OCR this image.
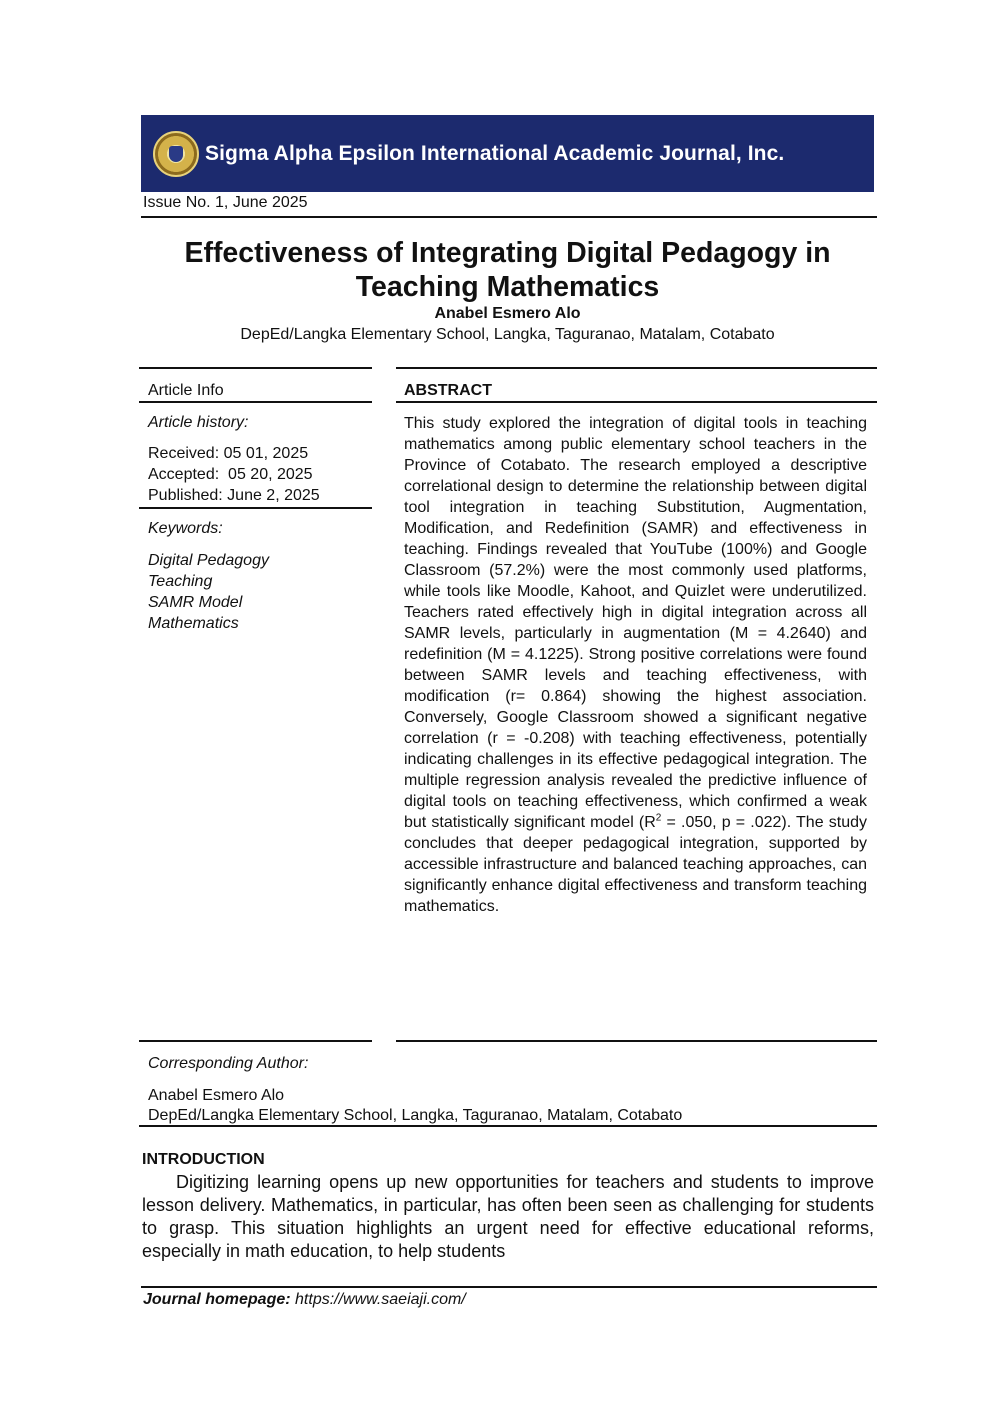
Sigma Alpha Epsilon International Academic Journal, Inc.
Issue No. 1, June 2025
Effectiveness of Integrating Digital Pedagogy in
Teaching Mathematics
Anabel Esmero Alo
DepEd/Langka Elementary School, Langka, Taguranao, Matalam, Cotabato
Article Info
Article history:
Received: 05 01, 2025
Accepted:  05 20, 2025
Published: June 2, 2025
Keywords:
Digital Pedagogy
Teaching
SAMR Model
Mathematics
ABSTRACT

This study explored the integration of digital tools in teaching mathematics among public elementary school teachers in the Province of Cotabato. The research employed a descriptive correlational design to determine the relationship between digital tool integration in teaching Substitution, Augmentation, Modification, and Redefinition (SAMR) and effectiveness in teaching. Findings revealed that YouTube (100%) and Google Classroom (57.2%) were the most commonly used platforms, while tools like Moodle, Kahoot, and Quizlet were underutilized. Teachers rated effectively high in digital integration across all SAMR levels, particularly in augmentation (M = 4.2640) and redefinition (M = 4.1225). Strong positive correlations were found between SAMR levels and teaching effectiveness, with modification (r= 0.864) showing the highest association. Conversely, Google Classroom showed a significant negative correlation (r = -0.208) with teaching effectiveness, potentially indicating challenges in its effective pedagogical integration. The multiple regression analysis revealed the predictive influence of digital tools on teaching effectiveness, which confirmed a weak but statistically significant model ($R^2 = .050$, p = .022). The study concludes that deeper pedagogical integration, supported by accessible infrastructure and balanced teaching approaches, can significantly enhance digital effectiveness and transform teaching mathematics.

Corresponding Author:
Anabel Esmero Alo
DepEd/Langka Elementary School, Langka, Taguranao, Matalam, Cotabato
INTRODUCTION

Digitizing learning opens up new opportunities for teachers and students to improve lesson delivery. Mathematics, in particular, has often been seen as challenging for students to grasp. This situation highlights an urgent need for effective educational reforms, especially in math education, to help students

Journal homepage: https://www.saeiaji.com/
